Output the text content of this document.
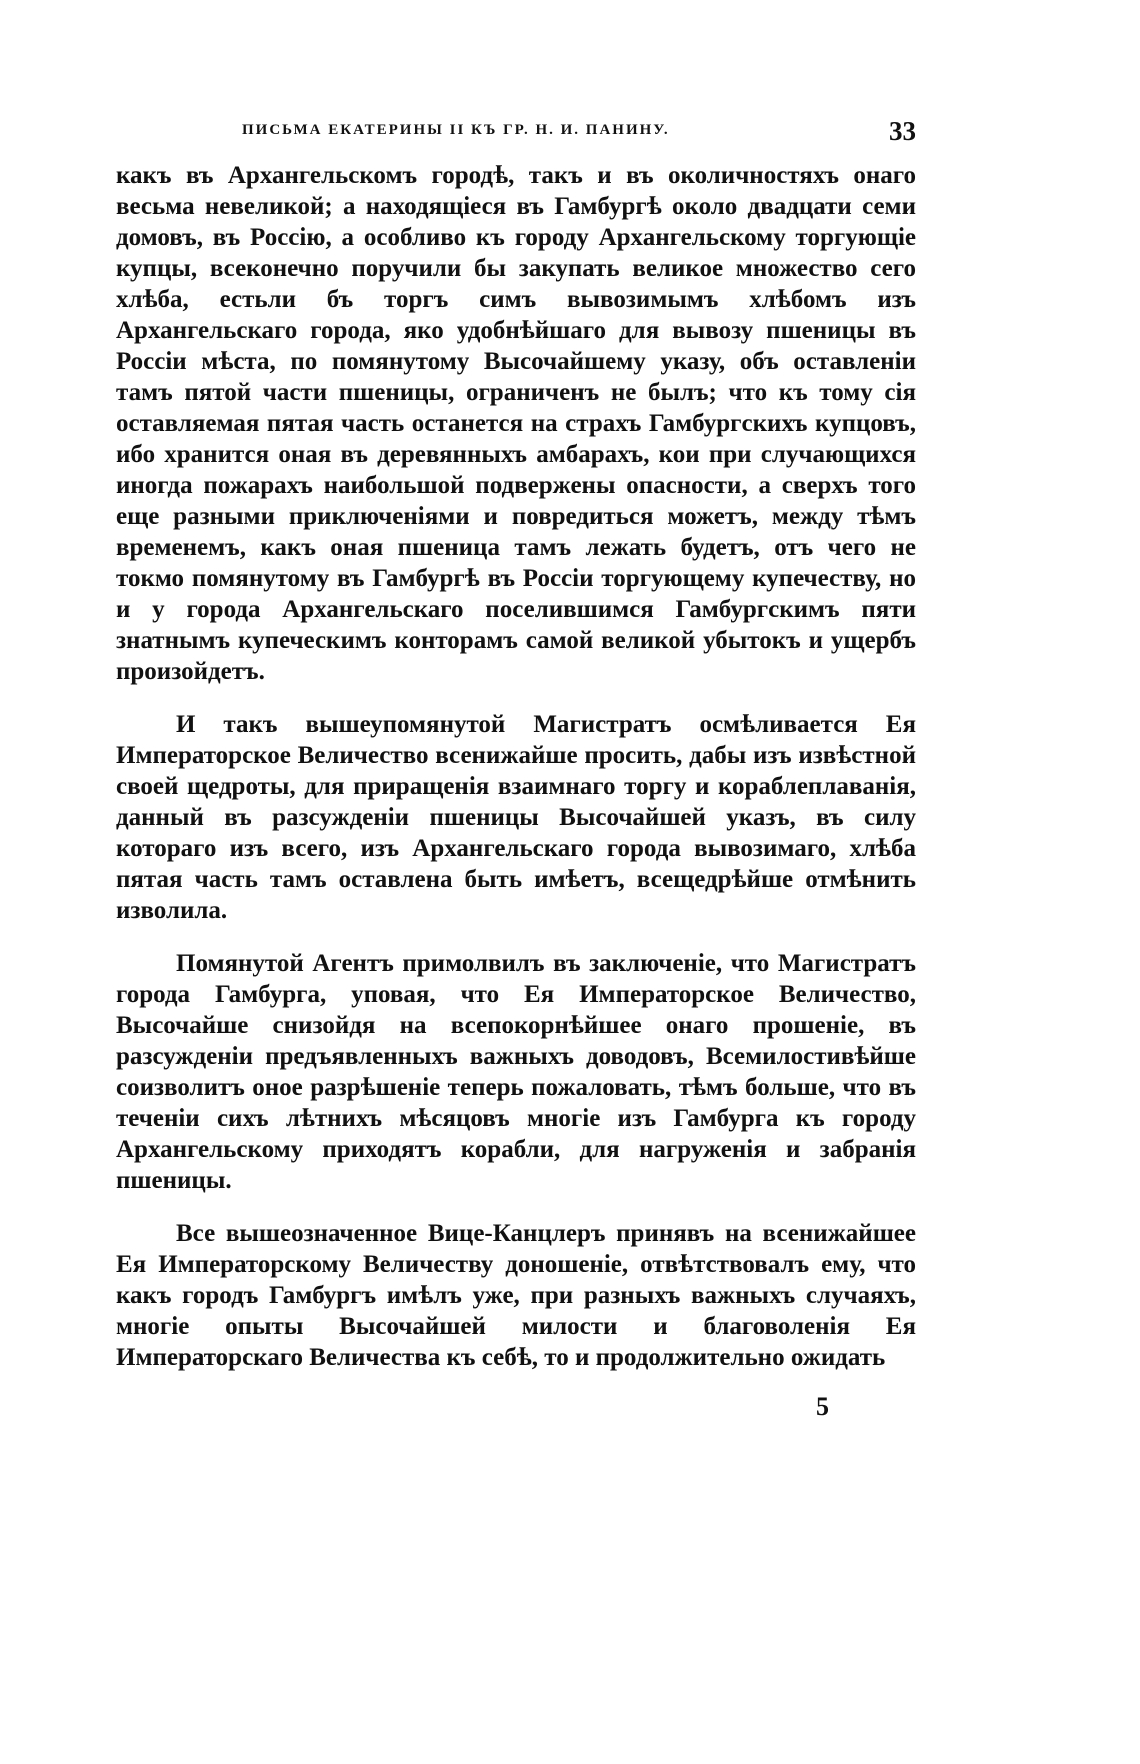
ПИСЬМА ЕКАТЕРИНЫ II КЪ ГР. Н. И. ПАНИНУ.	33

какъ въ Архангельскомъ городѣ, такъ и въ околичностяхъ онаго весьма невеликой; а находящіеся въ Гамбургѣ около двадцати семи домовъ, въ Россію, а особливо къ городу Архангельскому торгующіе купцы, всеконечно поручили бы закупать великое множество сего хлѣба, естьли бъ торгъ симъ вывозимымъ хлѣбомъ изъ Архангельскаго города, яко удобнѣйшаго для вывозу пшеницы въ Россіи мѣста, по помянутому Высочайшему указу, объ оставленіи тамъ пятой части пшеницы, ограниченъ не былъ; что къ тому сія оставляемая пятая часть останется на страхъ Гамбургскихъ купцовъ, ибо хранится оная въ деревянныхъ амбарахъ, кои при случающихся иногда пожарахъ наибольшой подвержены опасности, а сверхъ того еще разными приключеніями и повредиться можетъ, между тѣмъ временемъ, какъ оная пшеница тамъ лежать будетъ, отъ чего не токмо помянутому въ Гамбургѣ въ Россіи торгующему купечеству, но и у города Архангельскаго поселившимся Гамбургскимъ пяти знатнымъ купеческимъ конторамъ самой великой убытокъ и ущербъ произойдетъ.

И такъ вышеупомянутой Магистратъ осмѣливается Ея Императорское Величество всенижайше просить, дабы изъ извѣстной своей щедроты, для приращенія взаимнаго торгу и кораблеплаванія, данный въ разсужденіи пшеницы Высочайшей указъ, въ силу котораго изъ всего, изъ Архангельскаго города вывозимаго, хлѣба пятая часть тамъ оставлена быть имѣетъ, всещедрѣйше отмѣнить изволила.

Помянутой Агентъ примолвилъ въ заключеніе, что Магистратъ города Гамбурга, уповая, что Ея Императорское Величество, Высочайше снизойдя на всепокорнѣйшее онаго прошеніе, въ разсужденіи предъявленныхъ важныхъ доводовъ, Всемилостивѣйше соизволитъ оное разрѣшеніе теперь пожаловать, тѣмъ больше, что въ теченіи сихъ лѣтнихъ мѣсяцовъ многіе изъ Гамбурга къ городу Архангельскому приходятъ корабли, для нагруженія и забранія пшеницы.

Все вышеозначенное Вице-Канцлеръ принявъ на всенижайшее Ея Императорскому Величеству доношеніе, отвѣтствовалъ ему, что какъ городъ Гамбургъ имѣлъ уже, при разныхъ важныхъ случаяхъ, многіе опыты Высочайшей милости и благоволенія Ея Императорскаго Величества къ себѣ, то и продолжительно ожидать

5
